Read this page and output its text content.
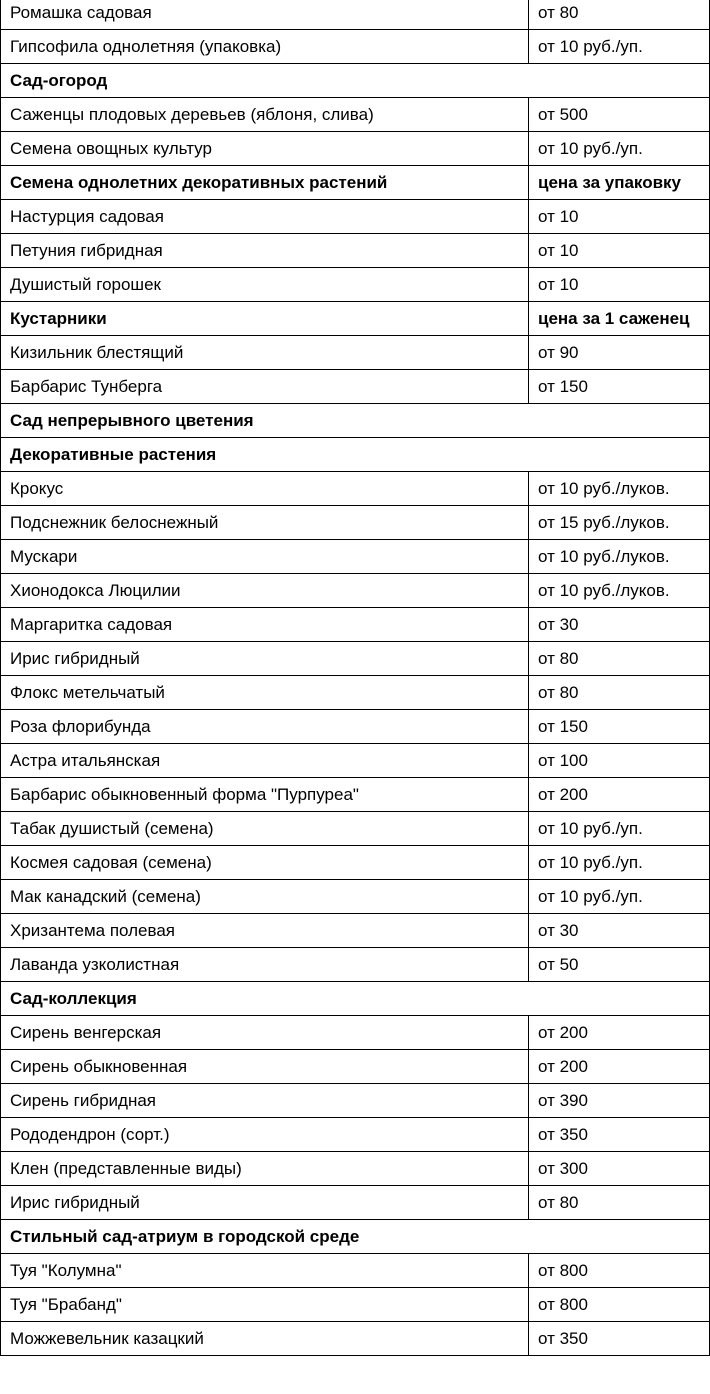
Ромашка садовая	от 80
Гипсофила однолетняя (упаковка)	от 10 руб./уп.
Сад-огород	
Саженцы плодовых деревьев (яблоня, слива)	от 500
Семена овощных культур	от 10 руб./уп.
Семена однолетних декоративных растений	цена за упаковку
Настурция садовая	от 10
Петуния гибридная	от 10
Душистый горошек	от 10
Кустарники	цена за 1 саженец
Кизильник блестящий	от 90
Барбарис Тунберга	от 150
Сад непрерывного цветения	
Декоративные растения	
Крокус	от 10 руб./луков.
Подснежник белоснежный	от 15 руб./луков.
Мускари	от 10 руб./луков.
Хионодокса Люцилии	от 10 руб./луков.
Маргаритка садовая	от 30
Ирис гибридный	от 80
Флокс метельчатый	от 80
Роза флорибунда	от 150
Астра итальянская	от 100
Барбарис обыкновенный форма "Пурпуреа"	от 200
Табак душистый (семена)	от 10 руб./уп.
Космея садовая (семена)	от 10 руб./уп.
Мак канадский (семена)	от 10 руб./уп.
Хризантема полевая	от 30
Лаванда узколистная	от 50
Сад-коллекция	
Сирень венгерская	от 200
Сирень обыкновенная	от 200
Сирень гибридная	от 390
Рододендрон (сорт.)	от 350
Клен (представленные виды)	от 300
Ирис гибридный	от 80
Стильный сад-атриум в городской среде	
Туя "Колумна"	от 800
Туя "Брабанд"	от 800
Можжевельник казацкий	от 350
